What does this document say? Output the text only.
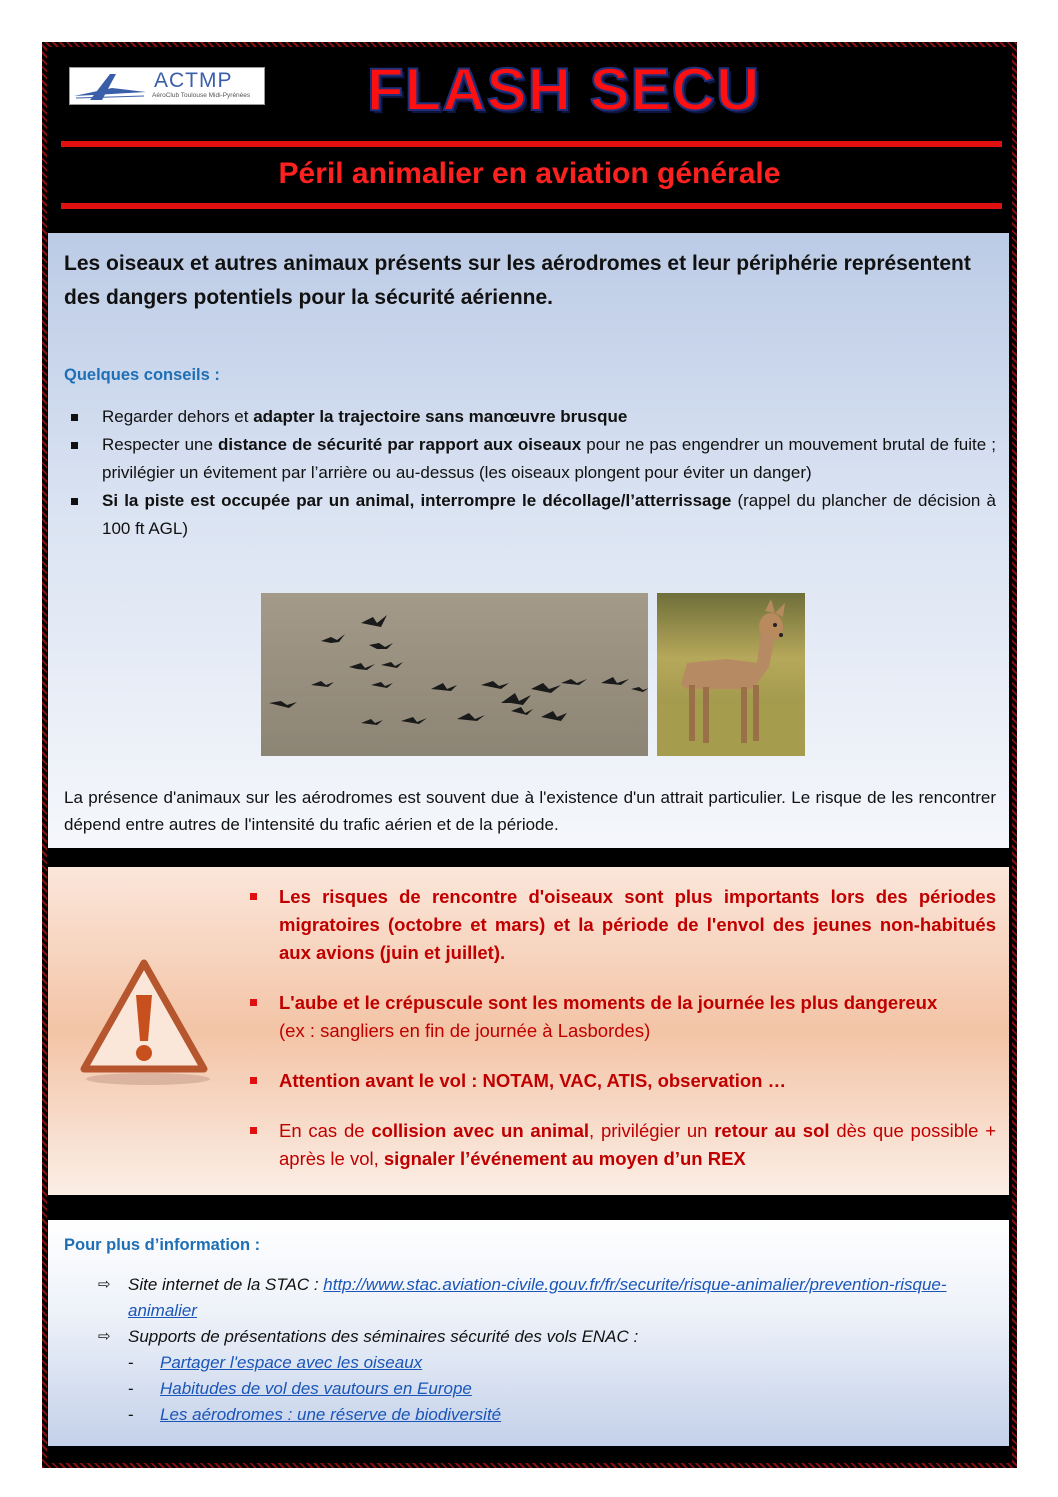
ACTMP
AéroClub Toulouse Midi-Pyrénées FLASH SECU
Péril animalier en aviation générale
Les oiseaux et autres animaux présents sur les aérodromes et leur périphérie représentent des dangers potentiels pour la sécurité aérienne.
Quelques conseils :
Regarder dehors et adapter la trajectoire sans manœuvre brusque
Respecter une distance de sécurité par rapport aux oiseaux pour ne pas engendrer un mouvement brutal de fuite ; privilégier un évitement par l’arrière ou au-dessus (les oiseaux plongent pour éviter un danger)
Si la piste est occupée par un animal, interrompre le décollage/l’atterrissage (rappel du plancher de décision à 100 ft AGL)
La présence d'animaux sur les aérodromes est souvent due à l'existence d'un attrait particulier. Le risque de les rencontrer dépend entre autres de l'intensité du trafic aérien et de la période.
Les risques de rencontre d'oiseaux sont plus importants lors des périodes migratoires (octobre et mars) et la période de l'envol des jeunes non-habitués aux avions (juin et juillet).
L'aube et le crépuscule sont les moments de la journée les plus dangereux
(ex : sangliers en fin de journée à Lasbordes)
Attention avant le vol : NOTAM, VAC, ATIS, observation …
En cas de collision avec un animal, privilégier un retour au sol dès que possible + après le vol, signaler l’événement au moyen d’un REX
Pour plus d’information :
⇨ Site internet de la STAC : http://www.stac.aviation-civile.gouv.fr/fr/securite/risque-animalier/prevention-risque-animalier
⇨ Supports de présentations des séminaires sécurité des vols ENAC :
- Partager l'espace avec les oiseaux
- Habitudes de vol des vautours en Europe
- Les aérodromes : une réserve de biodiversité
